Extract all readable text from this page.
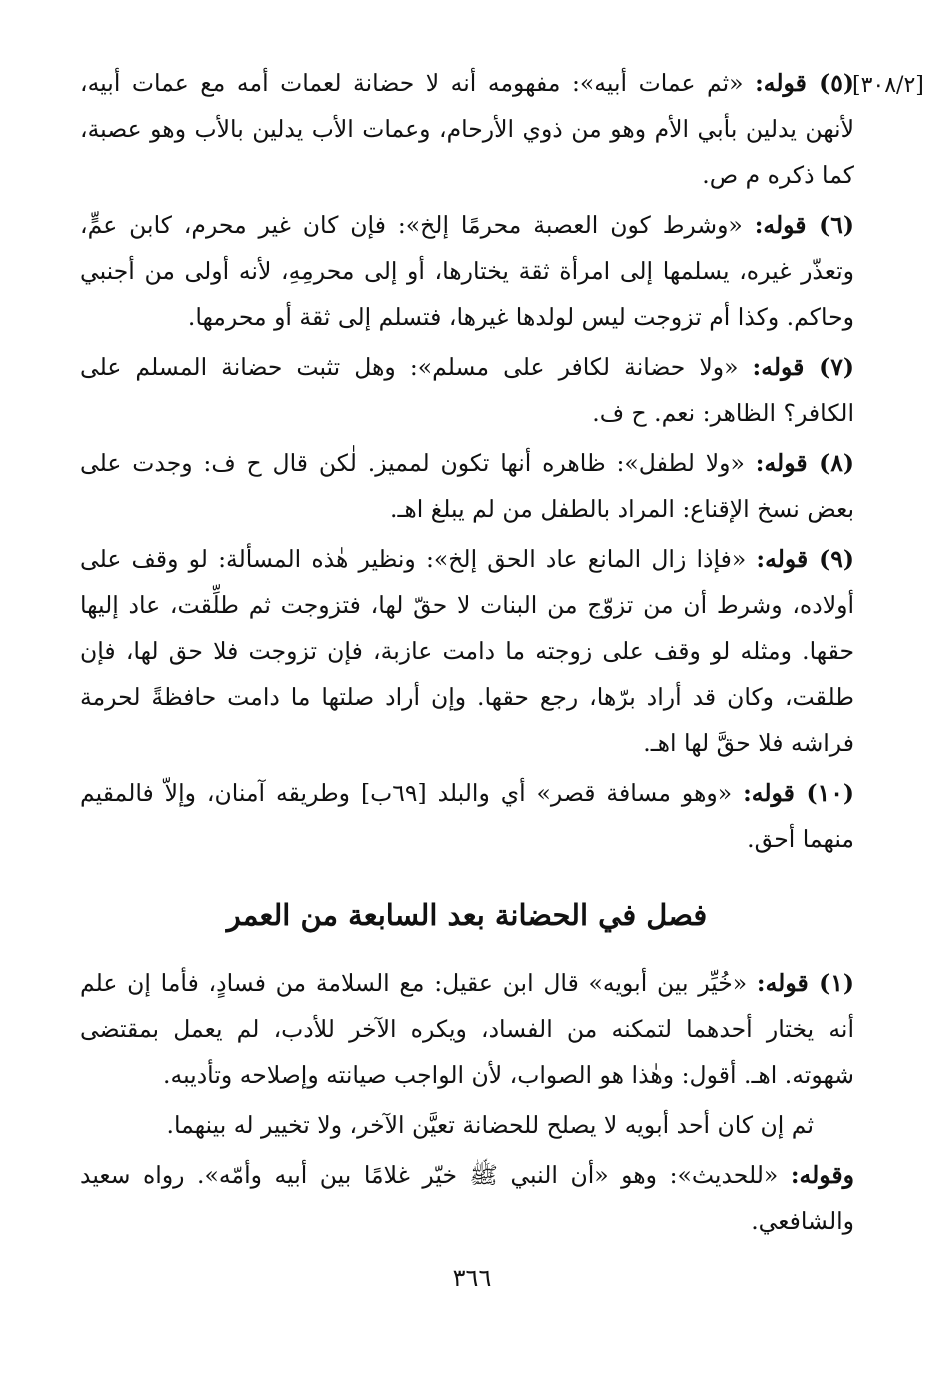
[٣٠٨/٢]

(٥) قوله: «ثم عمات أبيه»: مفهومه أنه لا حضانة لعمات أمه مع عمات أبيه، لأنهن يدلين بأبي الأم وهو من ذوي الأرحام، وعمات الأب يدلين بالأب وهو عصبة، كما ذكره م ص.

(٦) قوله: «وشرط كون العصبة محرمًا إلخ»: فإن كان غير محرم، كابن عمٍّ، وتعذّر غيره، يسلمها إلى امرأة ثقة يختارها، أو إلى محرمِهِ، لأنه أولى من أجنبي وحاكم. وكذا أم تزوجت ليس لولدها غيرها، فتسلم إلى ثقة أو محرمها.

(٧) قوله: «ولا حضانة لكافر على مسلم»: وهل تثبت حضانة المسلم على الكافر؟ الظاهر: نعم. ح ف.

(٨) قوله: «ولا لطفل»: ظاهره أنها تكون لمميز. لٰكن قال ح ف: وجدت على بعض نسخ الإقناع: المراد بالطفل من لم يبلغ اهـ.

(٩) قوله: «فإذا زال المانع عاد الحق إلخ»: ونظير هٰذه المسألة: لو وقف على أولاده، وشرط أن من تزوّج من البنات لا حقّ لها، فتزوجت ثم طلِّقت، عاد إليها حقها. ومثله لو وقف على زوجته ما دامت عازبة، فإن تزوجت فلا حق لها، فإن طلقت، وكان قد أراد برّها، رجع حقها. وإن أراد صلتها ما دامت حافظةً لحرمة فراشه فلا حقَّ لها اهـ.

(١٠) قوله: «وهو مسافة قصر» أي والبلد [٦٩ب] وطريقه آمنان، وإلاّ فالمقيم منهما أحق.

فصل في الحضانة بعد السابعة من العمر

(١) قوله: «خُيِّر بين أبويه» قال ابن عقيل: مع السلامة من فسادٍ، فأما إن علم أنه يختار أحدهما لتمكنه من الفساد، ويكره الآخر للأدب، لم يعمل بمقتضى شهوته. اهـ. أقول: وهٰذا هو الصواب، لأن الواجب صيانته وإصلاحه وتأديبه.

ثم إن كان أحد أبويه لا يصلح للحضانة تعيَّن الآخر، ولا تخيير له بينهما.

وقوله: «للحديث»: وهو «أن النبي ﷺ خيّر غلامًا بين أبيه وأمّه». رواه سعيد والشافعي.

٣٦٦
